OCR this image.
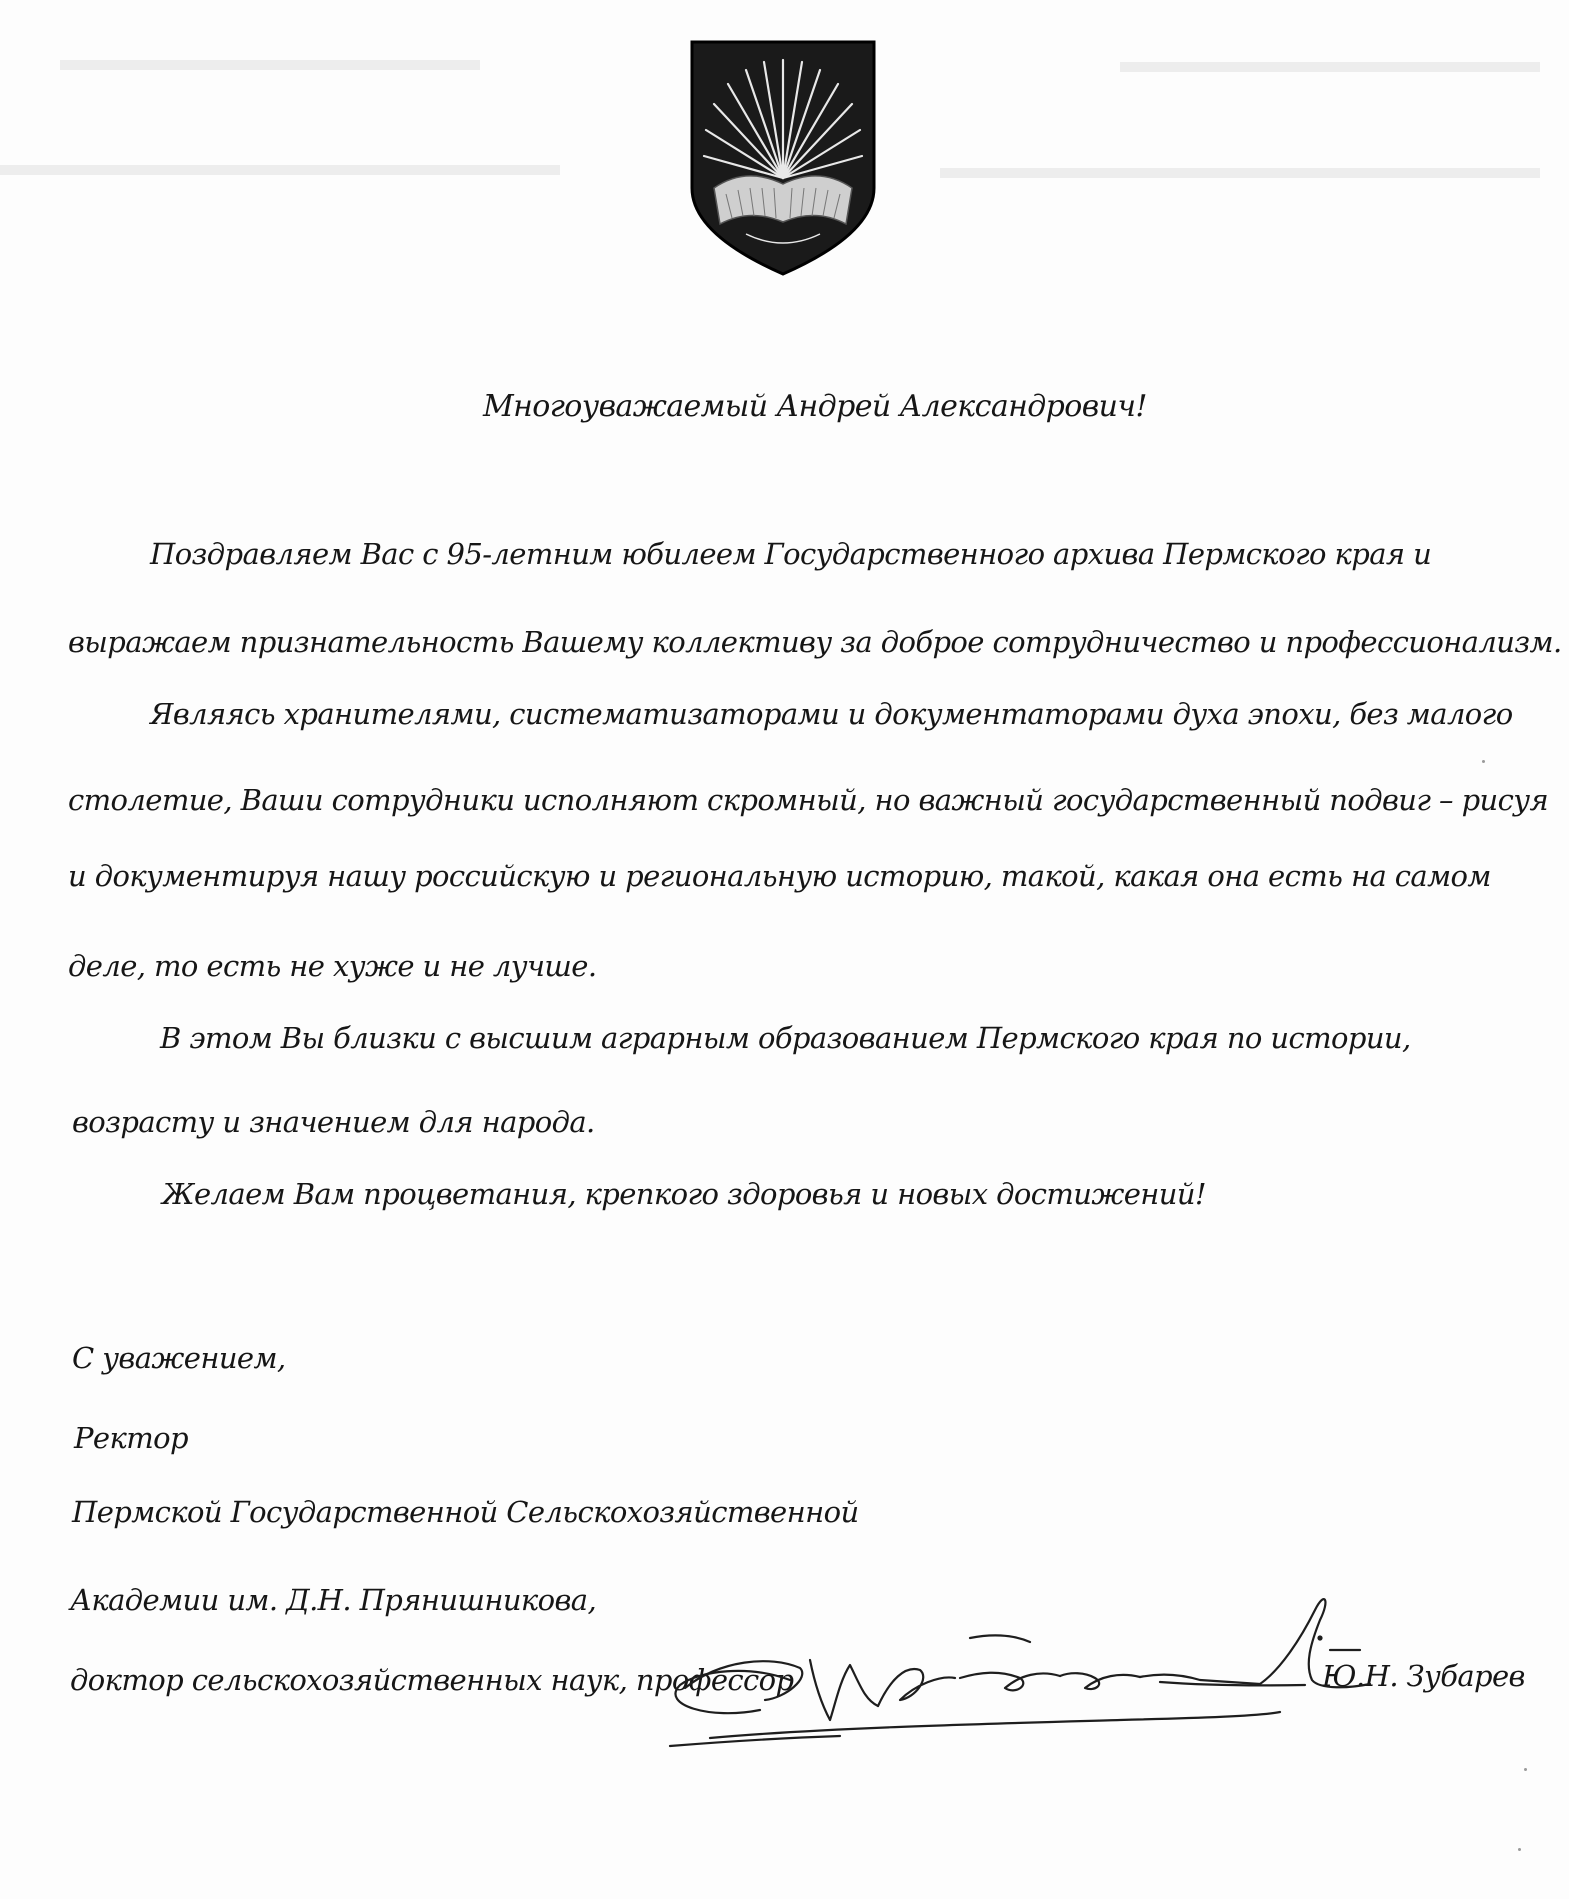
Многоуважаемый Андрей Александрович!
Поздравляем Вас с 95-летним юбилеем Государственного архива Пермского края и
выражаем признательность Вашему коллективу за доброе сотрудничество и профессионализм.
Являясь хранителями, систематизаторами и документаторами духа эпохи, без малого
столетие, Ваши сотрудники исполняют скромный, но важный государственный подвиг – рисуя
и документируя нашу российскую и региональную историю, такой, какая она есть на самом
деле, то есть не хуже и не лучше.
В этом Вы близки с высшим аграрным образованием Пермского края по истории,
возрасту и значением для народа.
Желаем Вам процветания, крепкого здоровья и новых достижений!
С уважением,
Ректор
Пермской Государственной Сельскохозяйственной
Академии им. Д.Н. Прянишникова,
доктор сельскохозяйственных наук, профессор	Ю.Н. Зубарев
